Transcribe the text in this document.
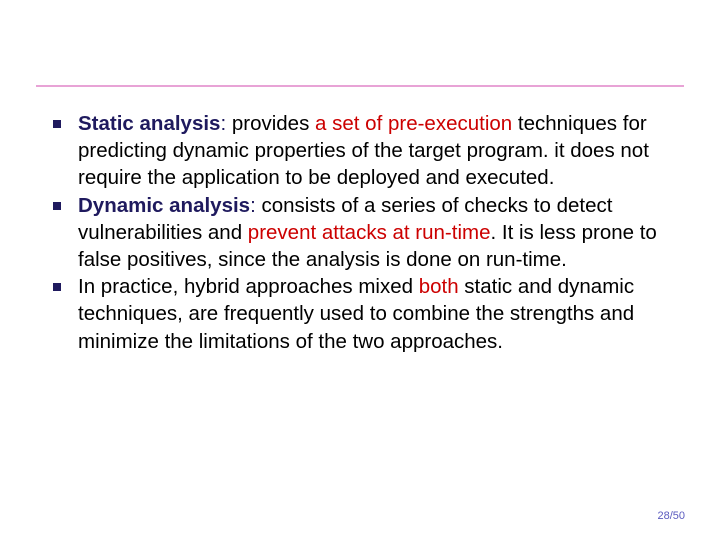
Static analysis: provides a set of pre-execution techniques for predicting dynamic properties of the target program. it does not require the application to be deployed and executed.

Dynamic analysis: consists of a series of checks to detect vulnerabilities and prevent attacks at run-time. It is less prone to false positives, since the analysis is done on run-time.

In practice, hybrid approaches mixed both static and dynamic techniques, are frequently used to combine the strengths and minimize the limitations of the two approaches.

28/50
